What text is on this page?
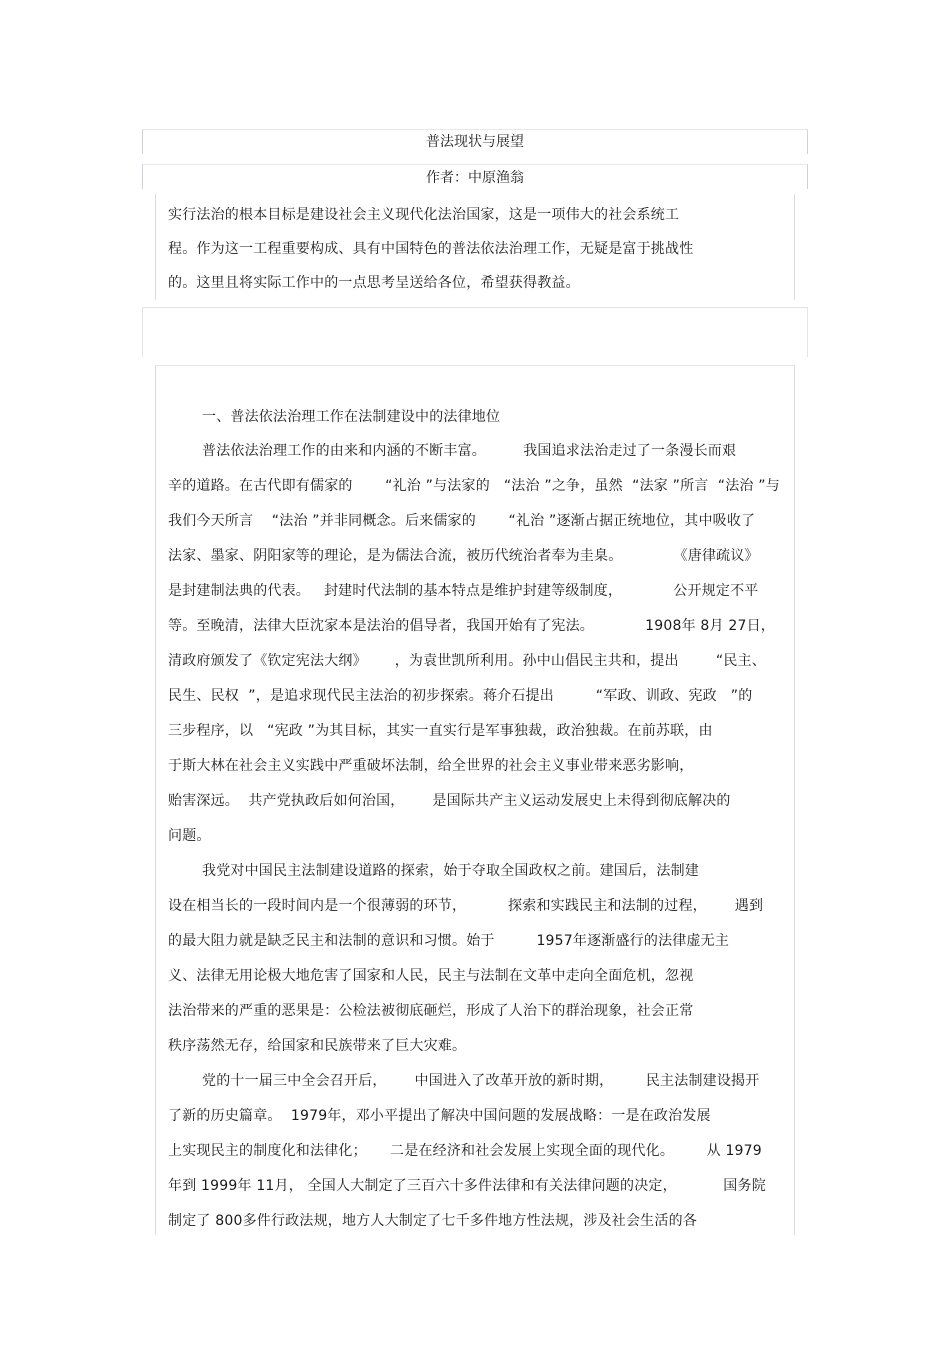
普法现状与展望
作者：中原渔翁
实行法治的根本目标是建设社会主义现代化法治国家，这是一项伟大的社会系统工
程。作为这一工程重要构成、具有中国特色的普法依法治理工作，无疑是富于挑战性
的。这里且将实际工作中的一点思考呈送给各位，希望获得教益。
一、普法依法治理工作在法制建设中的法律地位
普法依法治理工作的由来和内涵的不断丰富。        我国追求法治走过了一条漫长而艰
辛的道路。在古代即有儒家的       “礼治 ”与法家的   “法治 ”之争，虽然  “法家 ”所言  “法治 ”与
我们今天所言    “法治 ”并非同概念。后来儒家的       “礼治 ”逐渐占据正统地位，其中吸收了
法家、墨家、阴阳家等的理论，是为儒法合流，被历代统治者奉为圭臬。           《唐律疏议》
是封建制法典的代表。   封建时代法制的基本特点是维护封建等级制度，           公开规定不平
等。至晚清，法律大臣沈家本是法治的倡导者，我国开始有了宪法。           1908年 8月 27日，
清政府颁发了《钦定宪法大纲》      ，为袁世凯所利用。孙中山倡民主共和，提出        “民主、
民生、民权  ”，是追求现代民主法治的初步探索。蒋介石提出         “军政、训政、宪政   ”的
三步程序，以   “宪政 ”为其目标，其实一直实行是军事独裁，政治独裁。在前苏联，由
于斯大林在社会主义实践中严重破坏法制，给全世界的社会主义事业带来恶劣影响，
贻害深远。  共产党执政后如何治国，      是国际共产主义运动发展史上未得到彻底解决的
问题。
我党对中国民主法制建设道路的探索，始于夺取全国政权之前。建国后，法制建
设在相当长的一段时间内是一个很薄弱的环节，         探索和实践民主和法制的过程，      遇到
的最大阻力就是缺乏民主和法制的意识和习惯。始于         1957年逐渐盛行的法律虚无主
义、法律无用论极大地危害了国家和人民，民主与法制在文革中走向全面危机，忽视
法治带来的严重的恶果是：公检法被彻底砸烂，形成了人治下的群治现象，社会正常
秩序荡然无存，给国家和民族带来了巨大灾难。
党的十一届三中全会召开后，      中国进入了改革开放的新时期，       民主法制建设揭开
了新的历史篇章。  1979年，邓小平提出了解决中国问题的发展战略：一是在政治发展
上实现民主的制度化和法律化；     二是在经济和社会发展上实现全面的现代化。       从 1979
年到 1999年 11月， 全国人大制定了三百六十多件法律和有关法律问题的决定，          国务院
制定了 800多件行政法规，地方人大制定了七千多件地方性法规，涉及社会生活的各
